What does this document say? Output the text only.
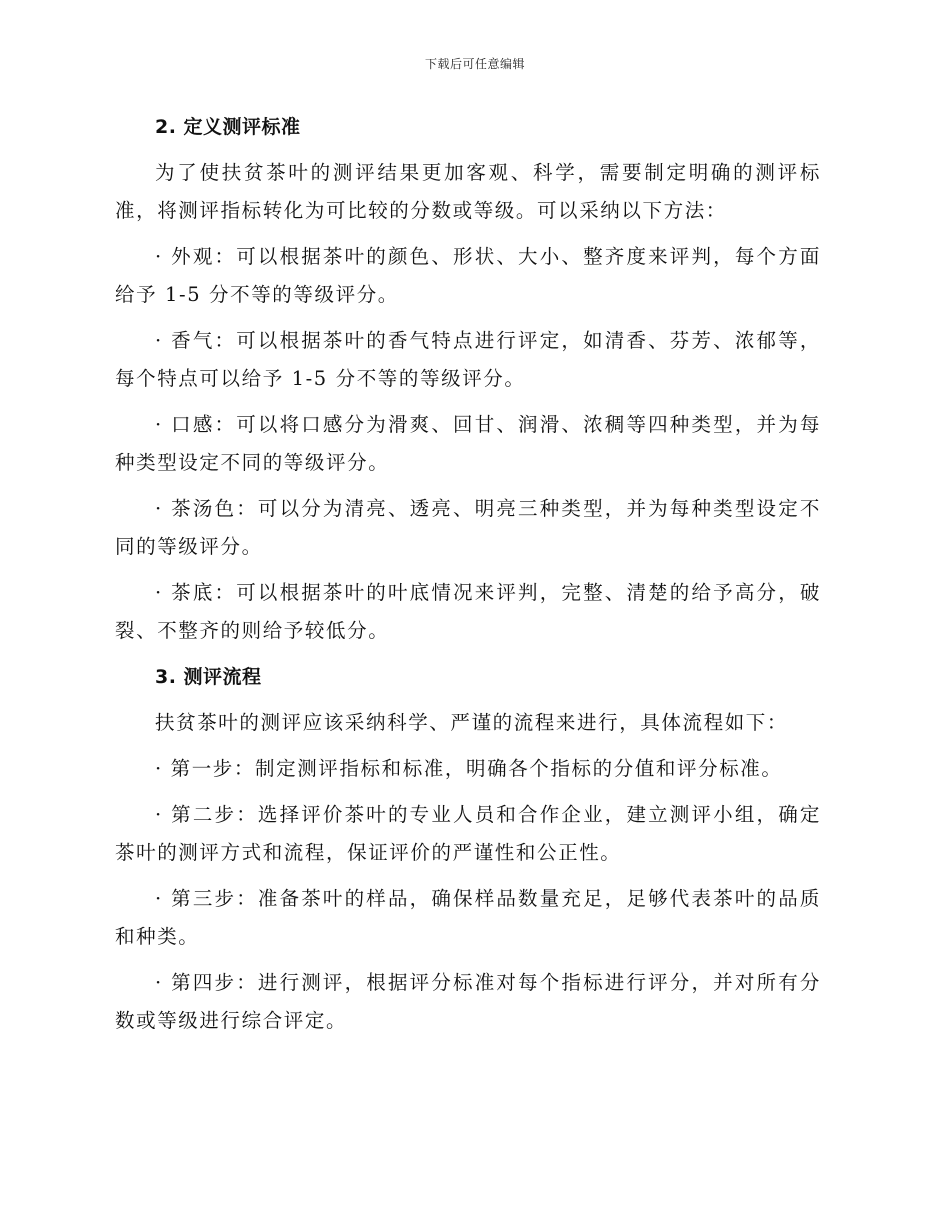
下载后可任意编辑
2. 定义测评标准

为了使扶贫茶叶的测评结果更加客观、科学，需要制定明确的测评标准，将测评指标转化为可比较的分数或等级。可以采纳以下方法：

· 外观：可以根据茶叶的颜色、形状、大小、整齐度来评判，每个方面给予 1-5 分不等的等级评分。

· 香气：可以根据茶叶的香气特点进行评定，如清香、芬芳、浓郁等，每个特点可以给予 1-5 分不等的等级评分。

· 口感：可以将口感分为滑爽、回甘、润滑、浓稠等四种类型，并为每种类型设定不同的等级评分。

· 茶汤色：可以分为清亮、透亮、明亮三种类型，并为每种类型设定不同的等级评分。

· 茶底：可以根据茶叶的叶底情况来评判，完整、清楚的给予高分，破裂、不整齐的则给予较低分。

3. 测评流程

扶贫茶叶的测评应该采纳科学、严谨的流程来进行，具体流程如下：

· 第一步：制定测评指标和标准，明确各个指标的分值和评分标准。

· 第二步：选择评价茶叶的专业人员和合作企业，建立测评小组，确定茶叶的测评方式和流程，保证评价的严谨性和公正性。

· 第三步：准备茶叶的样品，确保样品数量充足，足够代表茶叶的品质和种类。

· 第四步：进行测评，根据评分标准对每个指标进行评分，并对所有分数或等级进行综合评定。
